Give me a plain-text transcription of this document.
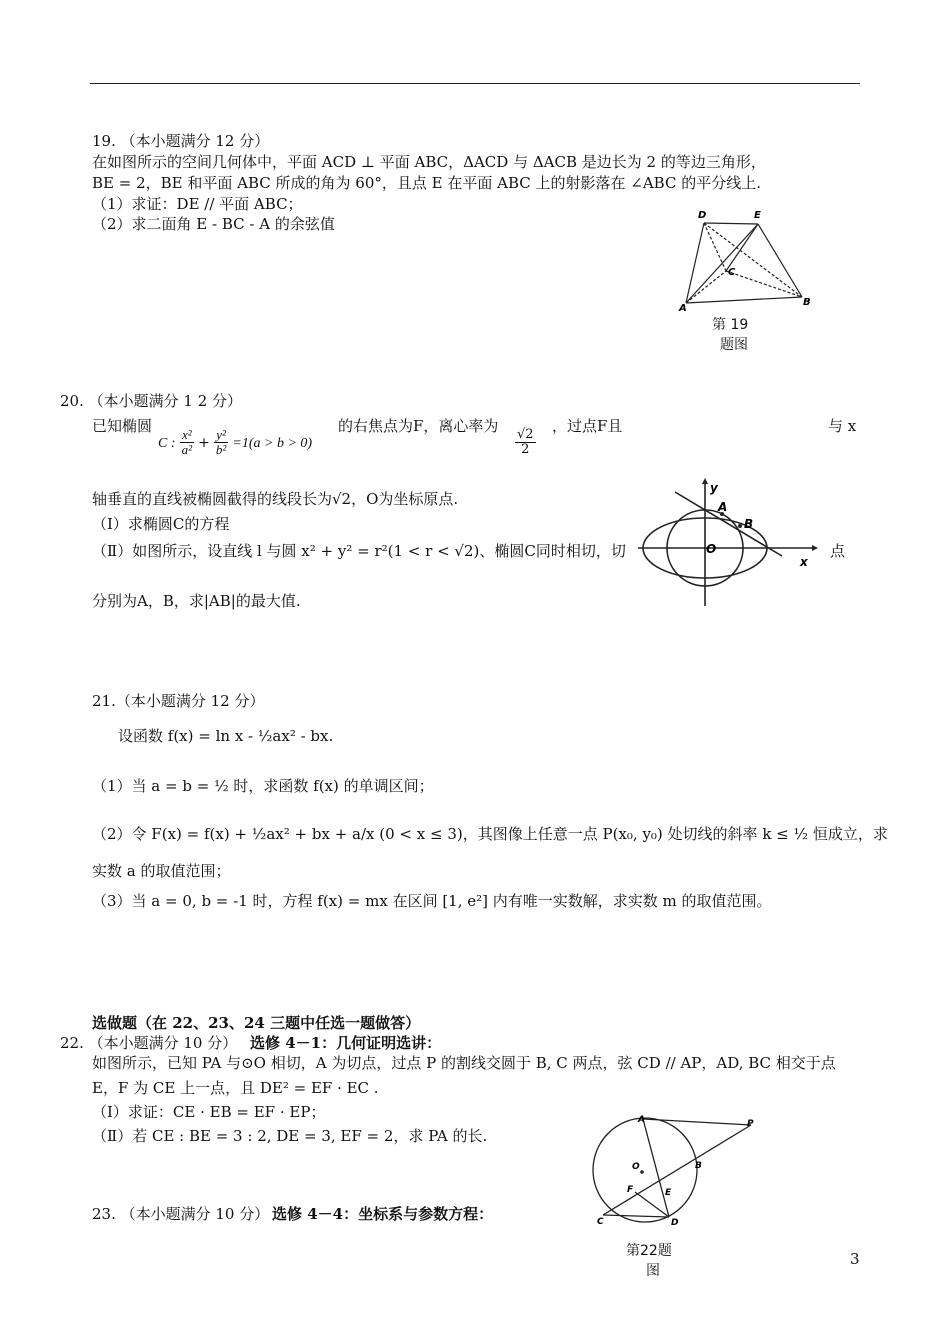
19. （本小题满分 12 分）
在如图所示的空间几何体中，平面 ACD ⊥ 平面 ABC，ΔACD 与 ΔACB 是边长为 2 的等边三角形，
BE = 2，BE 和平面 ABC 所成的角为 60°，且点 E 在平面 ABC 上的射影落在 ∠ABC 的平分线上.
（1）求证：DE // 平面 ABC；
（2）求二面角 E - BC - A 的余弦值	D	E
C
A
B
第 19
题图
20. （本小题满分 1 2 分）
已知椭圆
C : $\frac{\text{x²}}{\text{a²}} + \frac{\text{y²}}{\text{b²}} =1(a > b > 0)$
的右焦点为F，离心率为
$\frac{√2}{2}$
，过点F且	与 x
轴垂直的直线被椭圆截得的线段长为√2，O为坐标原点.
（Ⅰ）求椭圆C的方程
（Ⅱ）如图所示，设直线 l 与圆 x² + y² = r²(1 < r < √2)、椭圆C同时相切，切	点
分别为A，B，求|AB|的最大值.
y
x
A
B
O
21.（本小题满分 12 分）
设函数 f(x) = ln x - ½ax² - bx.
（1）当 a = b = ½ 时，求函数 f(x) 的单调区间；
（2）令 F(x) = f(x) + ½ax² + bx + a/x (0 < x ≤ 3)，其图像上任意一点 P(x₀, y₀) 处切线的斜率 k ≤ ½ 恒成立，求
实数 a 的取值范围；
（3）当 a = 0, b = -1 时，方程 f(x) = mx 在区间 [1, e²] 内有唯一实数解，求实数 m 的取值范围。
选做题（在 22、23、24 三题中任选一题做答）
22. （本小题满分 10 分） 选修 4－1：几何证明选讲：
如图所示，已知 PA 与⊙O 相切，A 为切点，过点 P 的割线交圆于 B, C 两点，弦 CD // AP，AD, BC 相交于点
E，F 为 CE 上一点，且 DE² = EF · EC .
（Ⅰ）求证：CE · EB = EF · EP；
（Ⅱ）若 CE : BE = 3 : 2, DE = 3, EF = 2，求 PA 的长.
A	P
O	B
F	E
C	D
第22题
图
23. （本小题满分 10 分） 选修 4－4：坐标系与参数方程：
3
